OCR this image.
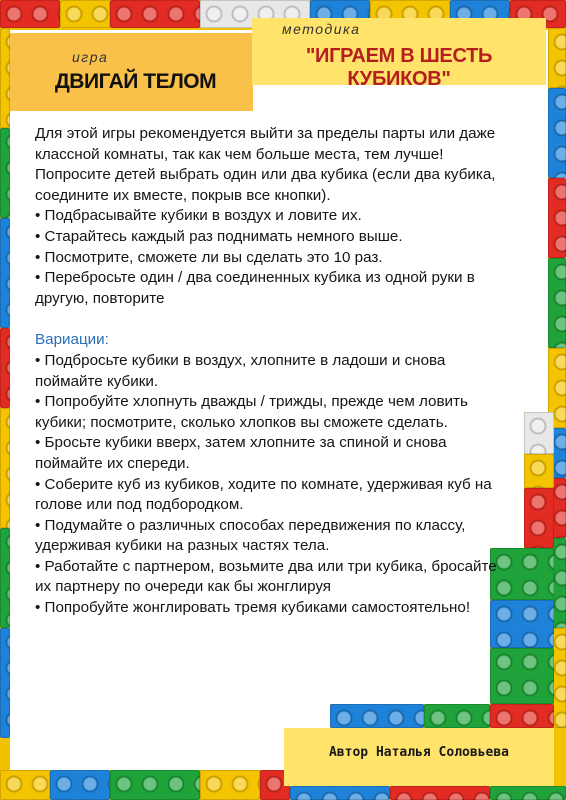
игра
ДВИГАЙ ТЕЛОМ
методика
"ИГРАЕМ В ШЕСТЬ КУБИКОВ"

Для этой игры рекомендуется выйти за пределы парты или даже классной комнаты, так как чем больше места, тем лучше! Попросите детей выбрать один или два кубика (если два кубика, соедините их вместе, покрыв все кнопки).
• Подбрасывайте кубики в воздух и ловите их.
• Старайтесь каждый раз поднимать немного выше.
• Посмотрите, сможете ли вы сделать это 10 раз.
• Перебросьте один / два соединенных кубика из одной руки в другую, повторите

Вариации:

• Подбросьте кубики в воздух, хлопните в ладоши и снова поймайте кубики.
• Попробуйте хлопнуть дважды / трижды, прежде чем ловить кубики; посмотрите, сколько хлопков вы сможете сделать.
• Бросьте кубики вверх, затем хлопните за спиной и снова поймайте их спереди.
• Соберите куб из кубиков, ходите по комнате, удерживая куб на голове или под подбородком.
• Подумайте о различных способах передвижения по классу, удерживая кубики на разных частях тела.
• Работайте с партнером, возьмите два или три кубика, бросайте их партнеру по очереди как бы жонглируя
• Попробуйте жонглировать тремя кубиками самостоятельно!
Автор Наталья Соловьева
